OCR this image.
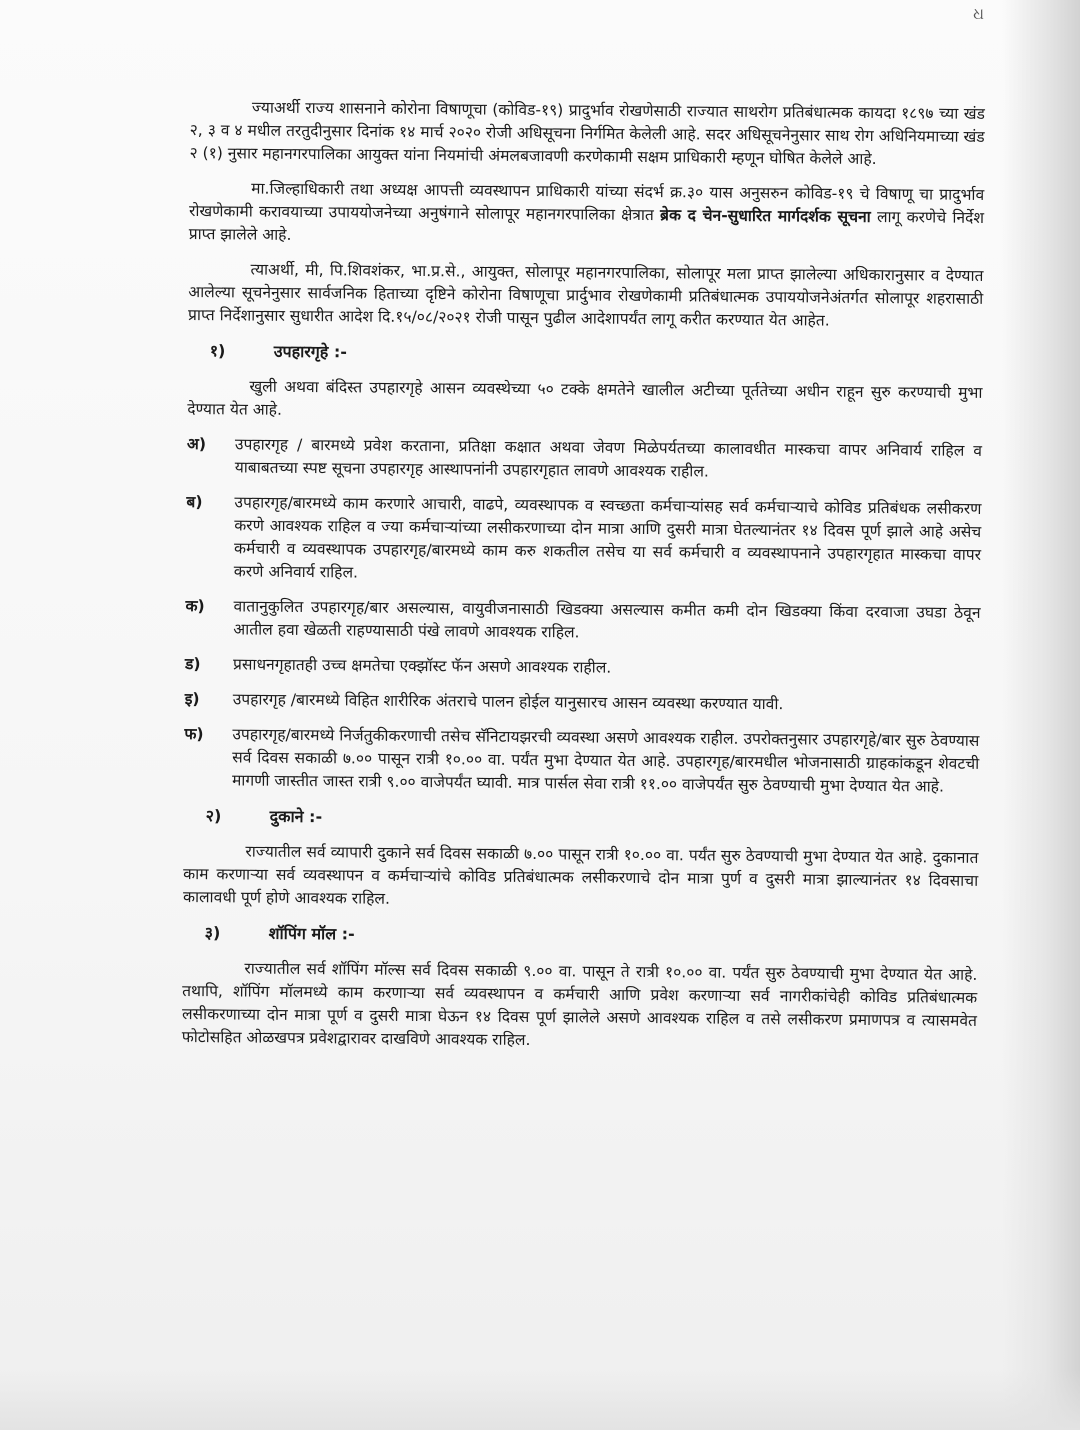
ଧ

ज्याअर्थी राज्य शासनाने कोरोना विषाणूचा (कोविड-१९) प्रादुर्भाव रोखणेसाठी राज्यात साथरोग प्रतिबंधात्मक कायदा १८९७ च्या खंड २, ३ व ४ मधील तरतुदीनुसार दिनांक १४ मार्च २०२० रोजी अधिसूचना निर्गमित केलेली आहे. सदर अधिसूचनेनुसार साथ रोग अधिनियमाच्या खंड २ (१) नुसार महानगरपालिका आयुक्त यांना नियमांची अंमलबजावणी करणेकामी सक्षम प्राधिकारी म्हणून घोषित केलेले आहे.

मा.जिल्हाधिकारी तथा अध्यक्ष आपत्ती व्यवस्थापन प्राधिकारी यांच्या संदर्भ क्र.३० यास अनुसरुन कोविड-१९ चे विषाणू चा प्रादुर्भाव रोखणेकामी करावयाच्या उपाययोजनेच्या अनुषंगाने सोलापूर महानगरपालिका क्षेत्रात ब्रेक द चेन-सुधारित मार्गदर्शक सूचना लागू करणेचे निर्देश प्राप्त झालेले आहे.

त्याअर्थी, मी, पि.शिवशंकर, भा.प्र.से., आयुक्त, सोलापूर महानगरपालिका, सोलापूर मला प्राप्त झालेल्या अधिकारानुसार व देण्यात आलेल्या सूचनेनुसार सार्वजनिक हिताच्या दृष्टिने कोरोना विषाणूचा प्रार्दुभाव रोखणेकामी प्रतिबंधात्मक उपाययोजनेअंतर्गत सोलापूर शहरासाठी प्राप्त निर्देशानुसार सुधारीत आदेश दि.१५/०८/२०२१ रोजी पासून पुढील आदेशापर्यंत लागू करीत करण्यात येत आहेत.

१)	उपहारगृहे :-

खुली अथवा बंदिस्त उपहारगृहे आसन व्यवस्थेच्या ५० टक्के क्षमतेने खालील अटीच्या पूर्ततेच्या अधीन राहून सुरु करण्याची मुभा देण्यात येत आहे.

अ)	उपहारगृह / बारमध्ये प्रवेश करताना, प्रतिक्षा कक्षात अथवा जेवण मिळेपर्यतच्या कालावधीत मास्कचा वापर अनिवार्य राहिल व याबाबतच्या स्पष्ट सूचना उपहारगृह आस्थापनांनी उपहारगृहात लावणे आवश्यक राहील.
ब)	उपहारगृह/बारमध्ये काम करणारे आचारी, वाढपे, व्यवस्थापक व स्वच्छता कर्मचाऱ्यांसह सर्व कर्मचाऱ्याचे कोविड प्रतिबंधक लसीकरण करणे आवश्यक राहिल व ज्या कर्मचाऱ्यांच्या लसीकरणाच्या दोन मात्रा आणि दुसरी मात्रा घेतल्यानंतर १४ दिवस पूर्ण झाले आहे असेच कर्मचारी व व्यवस्थापक उपहारगृह/बारमध्ये काम करु शकतील तसेच या सर्व कर्मचारी व व्यवस्थापनाने उपहारगृहात मास्कचा वापर करणे अनिवार्य राहिल.
क)	वातानुकुलित उपहारगृह/बार असल्यास, वायुवीजनासाठी खिडक्या असल्यास कमीत कमी दोन खिडक्या किंवा दरवाजा उघडा ठेवून आतील हवा खेळती राहण्यासाठी पंखे लावणे आवश्यक राहिल.
ड)	प्रसाधनगृहातही उच्च क्षमतेचा एक्झॉस्ट फॅन असणे आवश्यक राहील.
इ)	उपहारगृह /बारमध्ये विहित शारीरिक अंतराचे पालन होईल यानुसारच आसन व्यवस्था करण्यात यावी.
फ)	उपहारगृह/बारमध्ये निर्जतुकीकरणाची तसेच सॅनिटायझरची व्यवस्था असणे आवश्यक राहील. उपरोक्तनुसार उपहारगृहे/बार सुरु ठेवण्यास सर्व दिवस सकाळी ७.०० पासून रात्री १०.०० वा. पर्यंत मुभा देण्यात येत आहे. उपहारगृह/बारमधील भोजनासाठी ग्राहकांकडून शेवटची मागणी जास्तीत जास्त रात्री ९.०० वाजेपर्यंत घ्यावी. मात्र पार्सल सेवा रात्री ११.०० वाजेपर्यंत सुरु ठेवण्याची मुभा देण्यात येत आहे.
२)	दुकाने :-

राज्यातील सर्व व्यापारी दुकाने सर्व दिवस सकाळी ७.०० पासून रात्री १०.०० वा. पर्यंत सुरु ठेवण्याची मुभा देण्यात येत आहे. दुकानात काम करणाऱ्या सर्व व्यवस्थापन व कर्मचाऱ्यांचे कोविड प्रतिबंधात्मक लसीकरणाचे दोन मात्रा पुर्ण व दुसरी मात्रा झाल्यानंतर १४ दिवसाचा कालावधी पूर्ण होणे आवश्यक राहिल.

३)	शॉपिंग मॉल :-

राज्यातील सर्व शॉपिंग मॉल्स सर्व दिवस सकाळी ९.०० वा. पासून ते रात्री १०.०० वा. पर्यंत सुरु ठेवण्याची मुभा देण्यात येत आहे. तथापि, शॉपिंग मॉलमध्ये काम करणाऱ्या सर्व व्यवस्थापन व कर्मचारी आणि प्रवेश करणाऱ्या सर्व नागरीकांचेही कोविड प्रतिबंधात्मक लसीकरणाच्या दोन मात्रा पूर्ण व दुसरी मात्रा घेऊन १४ दिवस पूर्ण झालेले असणे आवश्यक राहिल व तसे लसीकरण प्रमाणपत्र व त्यासमवेत फोटोसहित ओळखपत्र प्रवेशद्वारावर दाखविणे आवश्यक राहिल.
